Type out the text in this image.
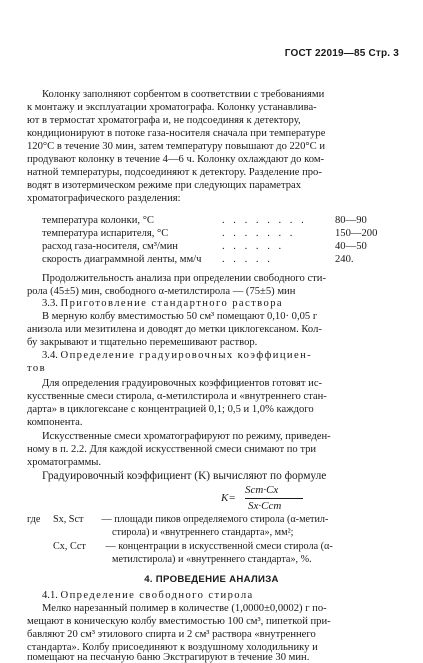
ГОСТ 22019—85 Стр. 3
Колонку заполняют сорбентом в соответствии с требованиями
к монтажу и эксплуатации хроматографа. Колонку устанавлива-
ют в термостат хроматографа и, не подсоединяя к детектору,
кондиционируют в потоке газа-носителя сначала при температуре
120°С в течение 30 мин, затем температуру повышают до 220°С и
продувают колонку в течение 4—6 ч. Колонку охлаждают до ком-
натной температуры, подсоединяют к детектору. Разделение про-
водят в изотермическом режиме при следующих параметрах
хроматографического разделения:
температура колонки, °С	. . . . . . . .	80—90
температура испарителя, °С	. . . . . . .	150—200
расход газа-носителя, см³/мин	. . . . . .	40—50
скорость диаграммной ленты, мм/ч . . . . .	240.
Продолжительность анализа при определении свободного сти-
рола (45±5) мин, свободного α-метилстирола — (75±5) мин
3.3. Приготовление стандартного раствора
В мерную колбу вместимостью 50 см³ помещают 0,10· 0,05 г
анизола или мезитилена и доводят до метки циклогексаном. Кол-
бу закрывают и тщательно перемешивают раствор.
3.4. Определение градуировочных коэффициен-
тов
Для определения градуировочных коэффициентов готовят ис-
кусственные смеси стирола, α-метилстирола и «внутреннего стан-
дарта» в циклогексане с концентрацией 0,1; 0,5 и 1,0% каждого
компонента.
Искусственные смеси хроматографируют по режиму, приведен-
ному в п. 2.2. Для каждой искусственной смеси снимают по три
хроматограммы.
Градуировочный коэффициент (K) вычисляют по формуле
K=
Sст·Сх
Sх·Сст
где Sх, Sст — площади пиков определяемого стирола (α-метил-
стирола) и «внутреннего стандарта», мм²;
Сх, Сст — концентрации в искусственной смеси стирола (α-
метилстирола) и «внутреннего стандарта», %.
4. ПРОВЕДЕНИЕ АНАЛИЗА
4.1. Определение свободного стирола
Мелко нарезанный полимер в количестве (1,0000±0,0002) г по-
мещают в коническую колбу вместимостью 100 см³, пипеткой при-
бавляют 20 см³ этилового спирта и 2 см³ раствора «внутреннего
стандарта». Колбу присоединяют к воздушному холодильнику и
помещают на песчаную баню Экстрагируют в течение 30 мин.
